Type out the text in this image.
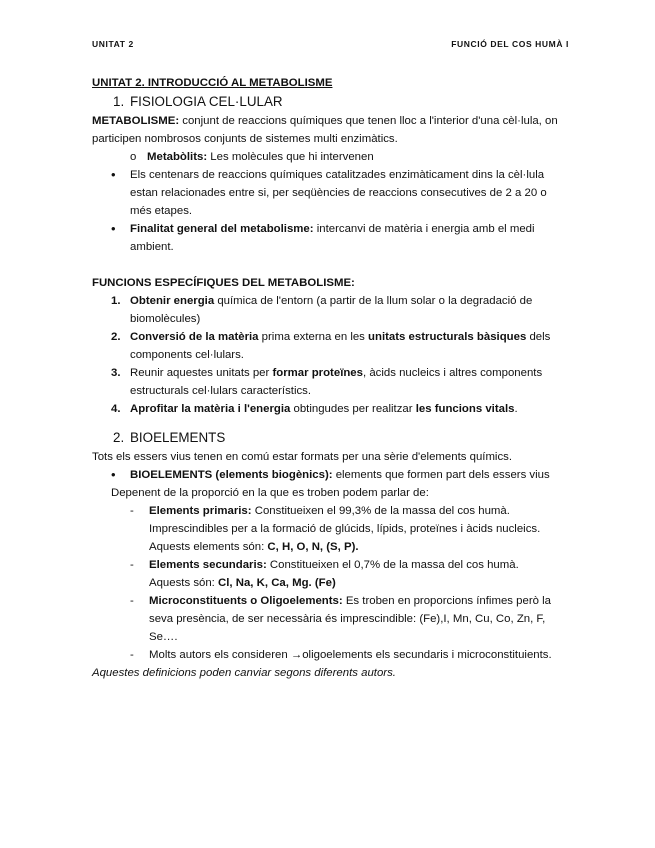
UNITAT 2	FUNCIÓ DEL COS HUMÀ I

UNITAT 2. INTRODUCCIÓ AL METABOLISME

1. FISIOLOGIA CEL·LULAR

METABOLISME: conjunt de reaccions químiques que tenen lloc a l'interior d'una cèl·lula, on participen nombrosos conjunts de sistemes multi enzimàtics.

o Metabòlits: Les molècules que hi intervenen

• Els centenars de reaccions químiques catalitzades enzimàticament dins la cèl·lula estan relacionades entre si, per seqüències de reaccions consecutives de 2 a 20 o més etapes.

• Finalitat general del metabolisme: intercanvi de matèria i energia amb el medi ambient.

FUNCIONS ESPECÍFIQUES DEL METABOLISME:

1. Obtenir energia química de l'entorn (a partir de la llum solar o la degradació de biomolècules)

2. Conversió de la matèria prima externa en les unitats estructurals bàsiques dels components cel·lulars.

3. Reunir aquestes unitats per formar proteïnes, àcids nucleics i altres components estructurals cel·lulars característics.

4. Aprofitar la matèria i l'energia obtingudes per realitzar les funcions vitals.

2. BIOELEMENTS

Tots els essers vius tenen en comú estar formats per una sèrie d'elements químics.

• BIOELEMENTS (elements biogènics): elements que formen part dels essers vius

Depenent de la proporció en la que es troben podem parlar de:

- Elements primaris: Constitueixen el 99,3% de la massa del cos humà. Imprescindibles per a la formació de glúcids, lípids, proteïnes i àcids nucleics. Aquests elements són: C, H, O, N, (S, P).

- Elements secundaris: Constitueixen el 0,7% de la massa del cos humà. Aquests són: Cl, Na, K, Ca, Mg. (Fe)

- Microconstituents o Oligoelements: Es troben en proporcions ínfimes però la seva presència, de ser necessària és imprescindible: (Fe),I, Mn, Cu, Co, Zn, F, Se….

- Molts autors els consideren →oligoelements els secundaris i microconstituients.

Aquestes definicions poden canviar segons diferents autors.
